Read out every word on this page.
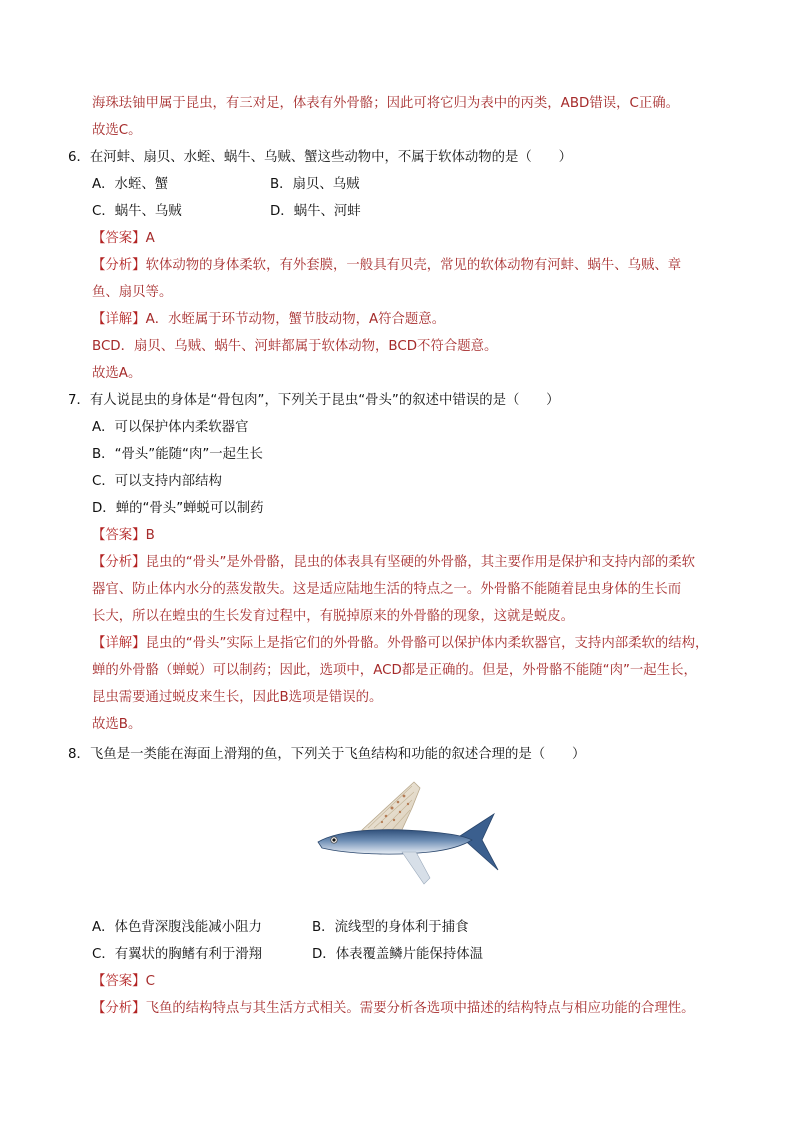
海珠珐铀甲属于昆虫，有三对足，体表有外骨骼；因此可将它归为表中的丙类，ABD错误，C正确。
故选C。
6．在河蚌、扇贝、水蛭、蜗牛、乌贼、蟹这些动物中，不属于软体动物的是（　　）
A．水蛭、蟹	B．扇贝、乌贼
C．蜗牛、乌贼	D．蜗牛、河蚌
【答案】A
【分析】软体动物的身体柔软，有外套膜，一般具有贝壳，常见的软体动物有河蚌、蜗牛、乌贼、章
鱼、扇贝等。
【详解】A．水蛭属于环节动物，蟹节肢动物，A符合题意。
BCD．扇贝、乌贼、蜗牛、河蚌都属于软体动物，BCD不符合题意。
故选A。
7．有人说昆虫的身体是“骨包肉”，下列关于昆虫“骨头”的叙述中错误的是（　　）
A．可以保护体内柔软器官
B．“骨头”能随“肉”一起生长
C．可以支持内部结构
D．蝉的“骨头”蝉蜕可以制药
【答案】B
【分析】昆虫的“骨头”是外骨骼，昆虫的体表具有坚硬的外骨骼，其主要作用是保护和支持内部的柔软
器官、防止体内水分的蒸发散失。这是适应陆地生活的特点之一。外骨骼不能随着昆虫身体的生长而
长大，所以在蝗虫的生长发育过程中，有脱掉原来的外骨骼的现象，这就是蜕皮。
【详解】昆虫的“骨头”实际上是指它们的外骨骼。外骨骼可以保护体内柔软器官，支持内部柔软的结构，
蝉的外骨骼（蝉蜕）可以制药；因此，选项中，ACD都是正确的。但是，外骨骼不能随“肉”一起生长，
昆虫需要通过蜕皮来生长，因此B选项是错误的。
故选B。
8．飞鱼是一类能在海面上滑翔的鱼，下列关于飞鱼结构和功能的叙述合理的是（　　）
A．体色背深腹浅能减小阻力	B．流线型的身体利于捕食
C．有翼状的胸鳍有利于滑翔	D．体表覆盖鳞片能保持体温
【答案】C
【分析】飞鱼的结构特点与其生活方式相关。需要分析各选项中描述的结构特点与相应功能的合理性。
